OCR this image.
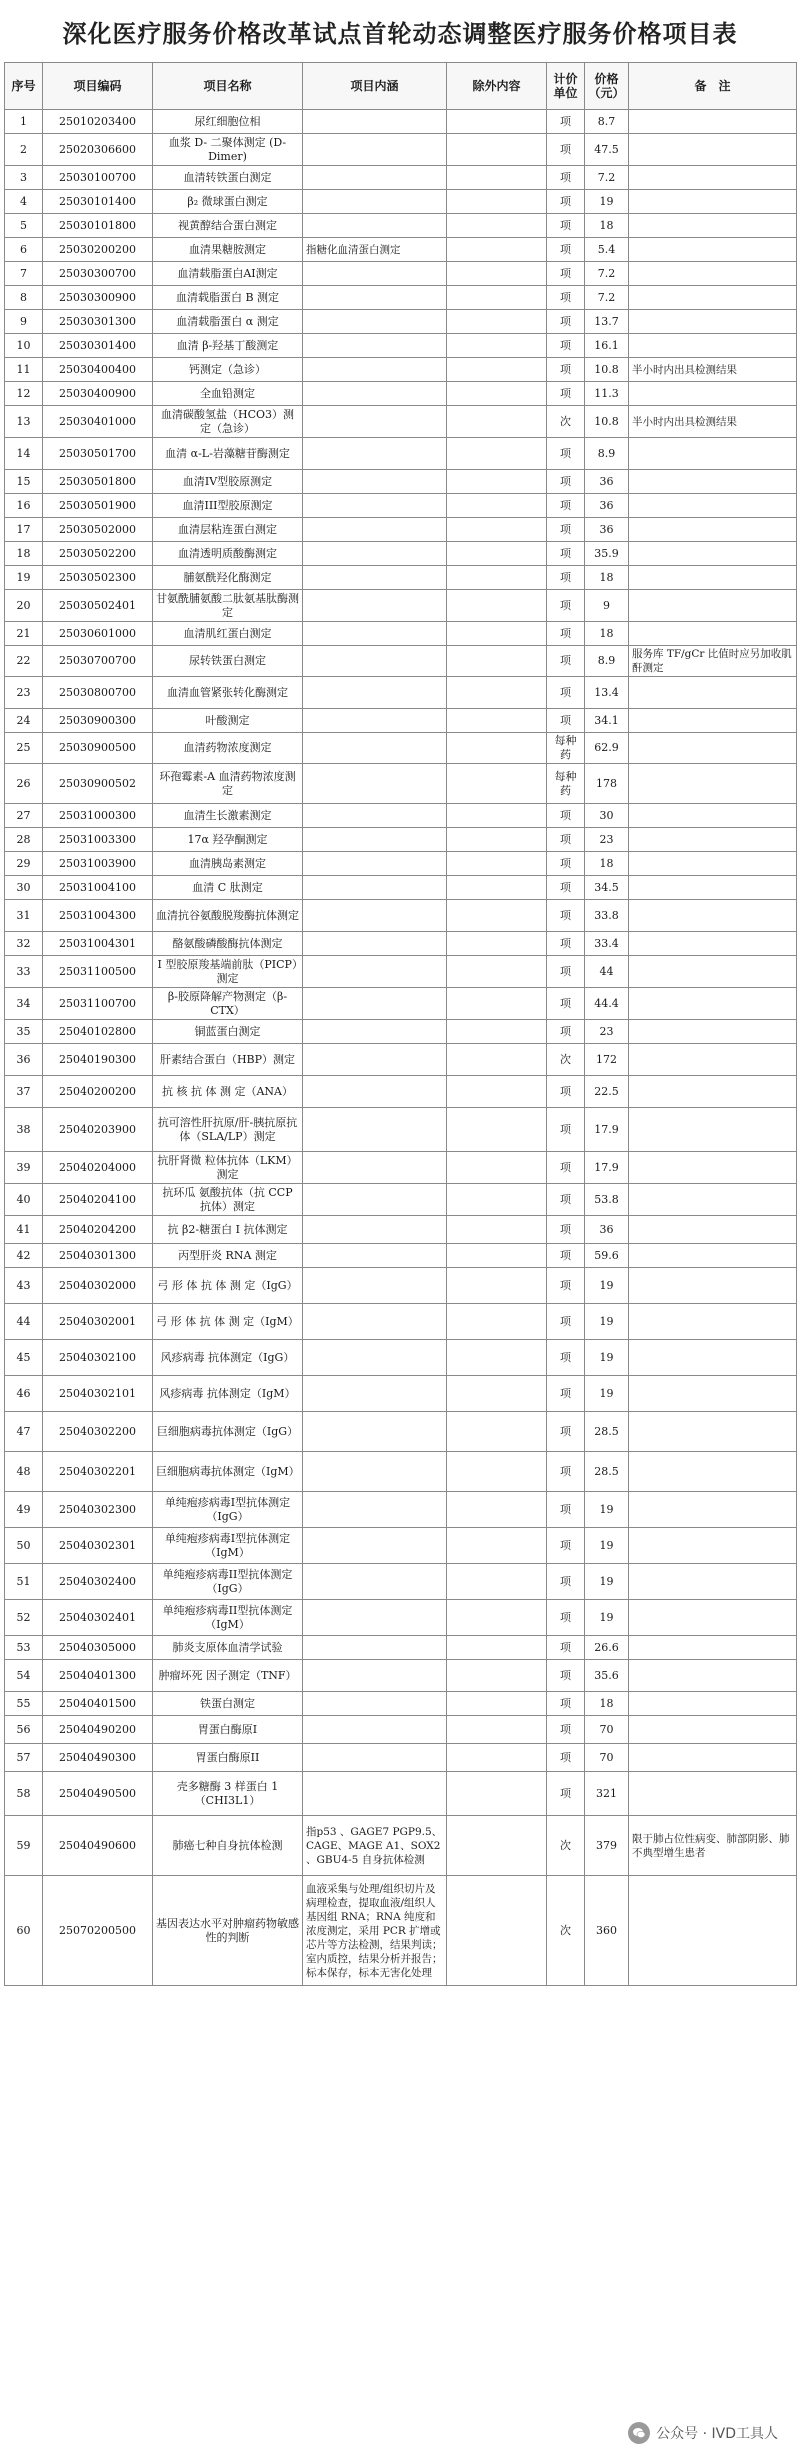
深化医疗服务价格改革试点首轮动态调整医疗服务价格项目表
序号	项目编码	项目名称	项目内涵	除外内容	计价单位	价格（元）	备　注
1	25010203400	尿红细胞位相			项	8.7	
2	25020306600	血浆 D- 二聚体测定 (D-Dimer)			项	47.5	
3	25030100700	血清转铁蛋白测定			项	7.2	
4	25030101400	β₂ 微球蛋白测定			项	19	
5	25030101800	视黄醇结合蛋白测定			项	18	
6	25030200200	血清果糖胺测定	指糖化血清蛋白测定		项	5.4	
7	25030300700	血清载脂蛋白AI测定			项	7.2	
8	25030300900	血清载脂蛋白 B 测定			项	7.2	
9	25030301300	血清载脂蛋白 α 测定			项	13.7	
10	25030301400	血清 β-羟基丁酸测定			项	16.1	
11	25030400400	钙测定（急诊）			项	10.8	半小时内出具检测结果
12	25030400900	全血铅测定			项	11.3	
13	25030401000	血清碳酸氢盐（HCO3）测定（急诊）			次	10.8	半小时内出具检测结果
14	25030501700	血清 α-L-岩藻糖苷酶测定			项	8.9	
15	25030501800	血清IV型胶原测定			项	36	
16	25030501900	血清III型胶原测定			项	36	
17	25030502000	血清层粘连蛋白测定			项	36	
18	25030502200	血清透明质酸酶测定			项	35.9	
19	25030502300	脯氨酰羟化酶测定			项	18	
20	25030502401	甘氨酰脯氨酸二肽氨基肽酶测定			项	9	
21	25030601000	血清肌红蛋白测定			项	18	
22	25030700700	尿转铁蛋白测定			项	8.9	服务库 TF/gCr 比值时应另加收肌酐测定
23	25030800700	血清血管紧张转化酶测定			项	13.4	
24	25030900300	叶酸测定			项	34.1	
25	25030900500	血清药物浓度测定			每种药	62.9	
26	25030900502	环孢霉素-A 血清药物浓度测定			每种药	178	
27	25031000300	血清生长激素测定			项	30	
28	25031003300	17α 羟孕酮测定			项	23	
29	25031003900	血清胰岛素测定			项	18	
30	25031004100	血清 C 肽测定			项	34.5	
31	25031004300	血清抗谷氨酸脱羧酶抗体测定			项	33.8	
32	25031004301	酪氨酸磷酸酶抗体测定			项	33.4	
33	25031100500	I 型胶原羧基端前肽（PICP）测定			项	44	
34	25031100700	β-胶原降解产物测定（β-CTX）			项	44.4	
35	25040102800	铜蓝蛋白测定			项	23	
36	25040190300	肝素结合蛋白（HBP）测定			次	172	
37	25040200200	抗 核 抗 体 测 定（ANA）			项	22.5	
38	25040203900	抗可溶性肝抗原/肝-胰抗原抗体（SLA/LP）测定			项	17.9	
39	25040204000	抗肝肾微 粒体抗体（LKM）测定			项	17.9	
40	25040204100	抗环瓜 氨酸抗体（抗 CCP 抗体）测定			项	53.8	
41	25040204200	抗 β2-糖蛋白 I 抗体测定			项	36	
42	25040301300	丙型肝炎 RNA 测定			项	59.6	
43	25040302000	弓 形 体 抗 体 测 定（IgG）			项	19	
44	25040302001	弓 形 体 抗 体 测 定（IgM）			项	19	
45	25040302100	风疹病毒 抗体测定（IgG）			项	19	
46	25040302101	风疹病毒 抗体测定（IgM）			项	19	
47	25040302200	巨细胞病毒抗体测定（IgG）			项	28.5	
48	25040302201	巨细胞病毒抗体测定（IgM）			项	28.5	
49	25040302300	单纯疱疹病毒I型抗体测定（IgG）			项	19	
50	25040302301	单纯疱疹病毒I型抗体测定（IgM）			项	19	
51	25040302400	单纯疱疹病毒II型抗体测定（IgG）			项	19	
52	25040302401	单纯疱疹病毒II型抗体测定（IgM）			项	19	
53	25040305000	肺炎支原体血清学试验			项	26.6	
54	25040401300	肿瘤坏死 因子测定（TNF）			项	35.6	
55	25040401500	铁蛋白测定			项	18	
56	25040490200	胃蛋白酶原I			项	70	
57	25040490300	胃蛋白酶原II			项	70	
58	25040490500	壳多糖酶 3 样蛋白 1（CHI3L1）			项	321	
59	25040490600	肺癌七种自身抗体检测	指p53 、GAGE7 PGP9.5、CAGE、MAGE A1、SOX2 、GBU4-5 自身抗体检测		次	379	限于肺占位性病变、肺部阴影、肺不典型增生患者
60	25070200500	基因表达水平对肿瘤药物敏感性的判断	血液采集与处理/组织切片及病理检查，提取血液/组织人基因组 RNA；RNA 纯度和浓度测定，采用 PCR 扩增或芯片等方法检测，结果判读；室内质控，结果分析并报告；标本保存，标本无害化处理		次	360	
公众号 · IVD工具人
